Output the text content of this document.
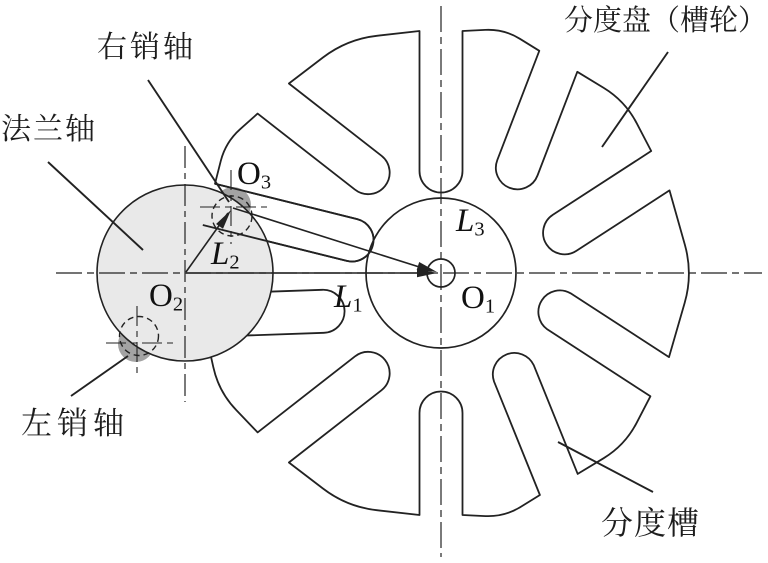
右销轴
法兰轴
左销轴
分度盘（槽轮）
分度槽
$O_1$
$O_2$
$O_3$
$L_1$
$L_2$
$L_3$
